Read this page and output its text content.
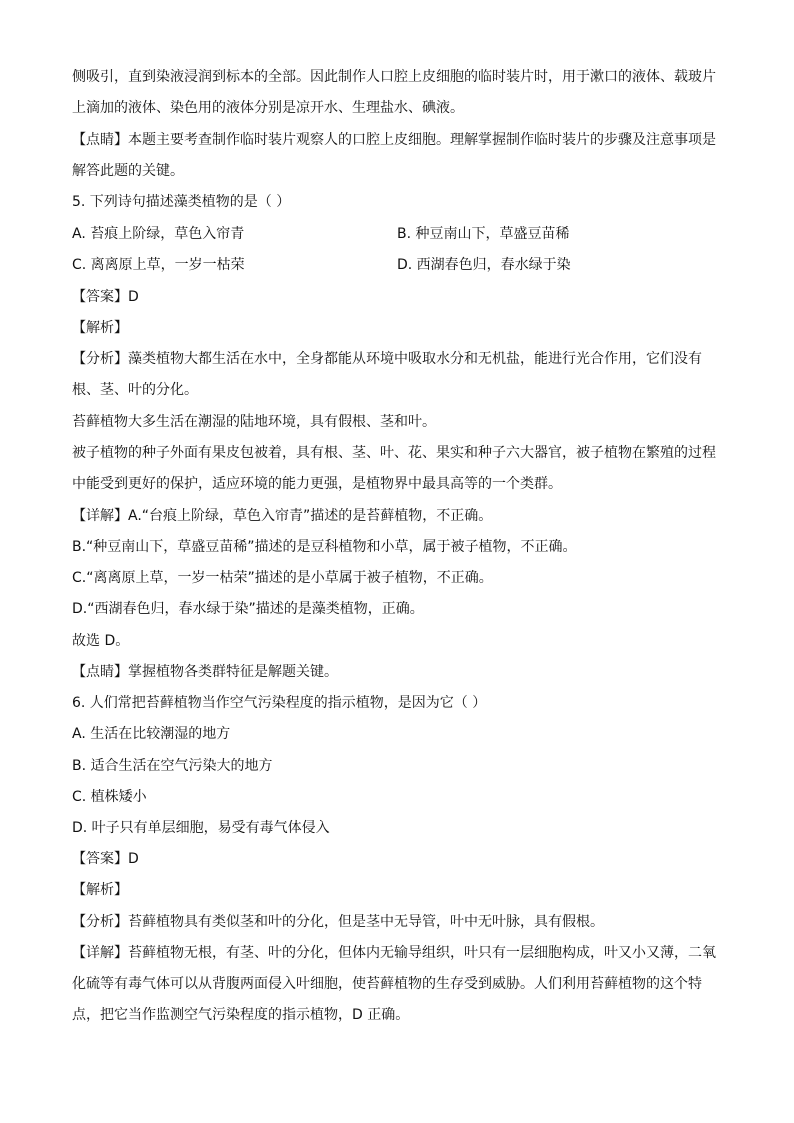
侧吸引，直到染液浸润到标本的全部。因此制作人口腔上皮细胞的临时装片时，用于漱口的液体、载玻片
上滴加的液体、染色用的液体分别是凉开水、生理盐水、碘液。
【点睛】本题主要考查制作临时装片观察人的口腔上皮细胞。理解掌握制作临时装片的步骤及注意事项是
解答此题的关键。
5. 下列诗句描述藻类植物的是（ ）
A. 苔痕上阶绿，草色入帘青	B. 种豆南山下，草盛豆苗稀
C. 离离原上草，一岁一枯荣	D. 西湖春色归，春水绿于染
【答案】D
【解析】
【分析】藻类植物大都生活在水中，全身都能从环境中吸取水分和无机盐，能进行光合作用，它们没有
根、茎、叶的分化。
苔藓植物大多生活在潮湿的陆地环境，具有假根、茎和叶。
被子植物的种子外面有果皮包被着，具有根、茎、叶、花、果实和种子六大器官，被子植物在繁殖的过程
中能受到更好的保护，适应环境的能力更强，是植物界中最具高等的一个类群。
【详解】A.“台痕上阶绿，草色入帘青”描述的是苔藓植物，不正确。
B.“种豆南山下，草盛豆苗稀”描述的是豆科植物和小草，属于被子植物，不正确。
C.“离离原上草，一岁一枯荣”描述的是小草属于被子植物，不正确。
D.“西湖春色归，春水绿于染”描述的是藻类植物，正确。
故选 D。
【点睛】掌握植物各类群特征是解题关键。
6. 人们常把苔藓植物当作空气污染程度的指示植物，是因为它（ ）
A. 生活在比较潮湿的地方
B. 适合生活在空气污染大的地方
C. 植株矮小
D. 叶子只有单层细胞，易受有毒气体侵入
【答案】D
【解析】
【分析】苔藓植物具有类似茎和叶的分化，但是茎中无导管，叶中无叶脉，具有假根。
【详解】苔藓植物无根，有茎、叶的分化，但体内无输导组织，叶只有一层细胞构成，叶又小又薄，二氧
化硫等有毒气体可以从背腹两面侵入叶细胞，使苔藓植物的生存受到威胁。人们利用苔藓植物的这个特
点，把它当作监测空气污染程度的指示植物，D 正确。
